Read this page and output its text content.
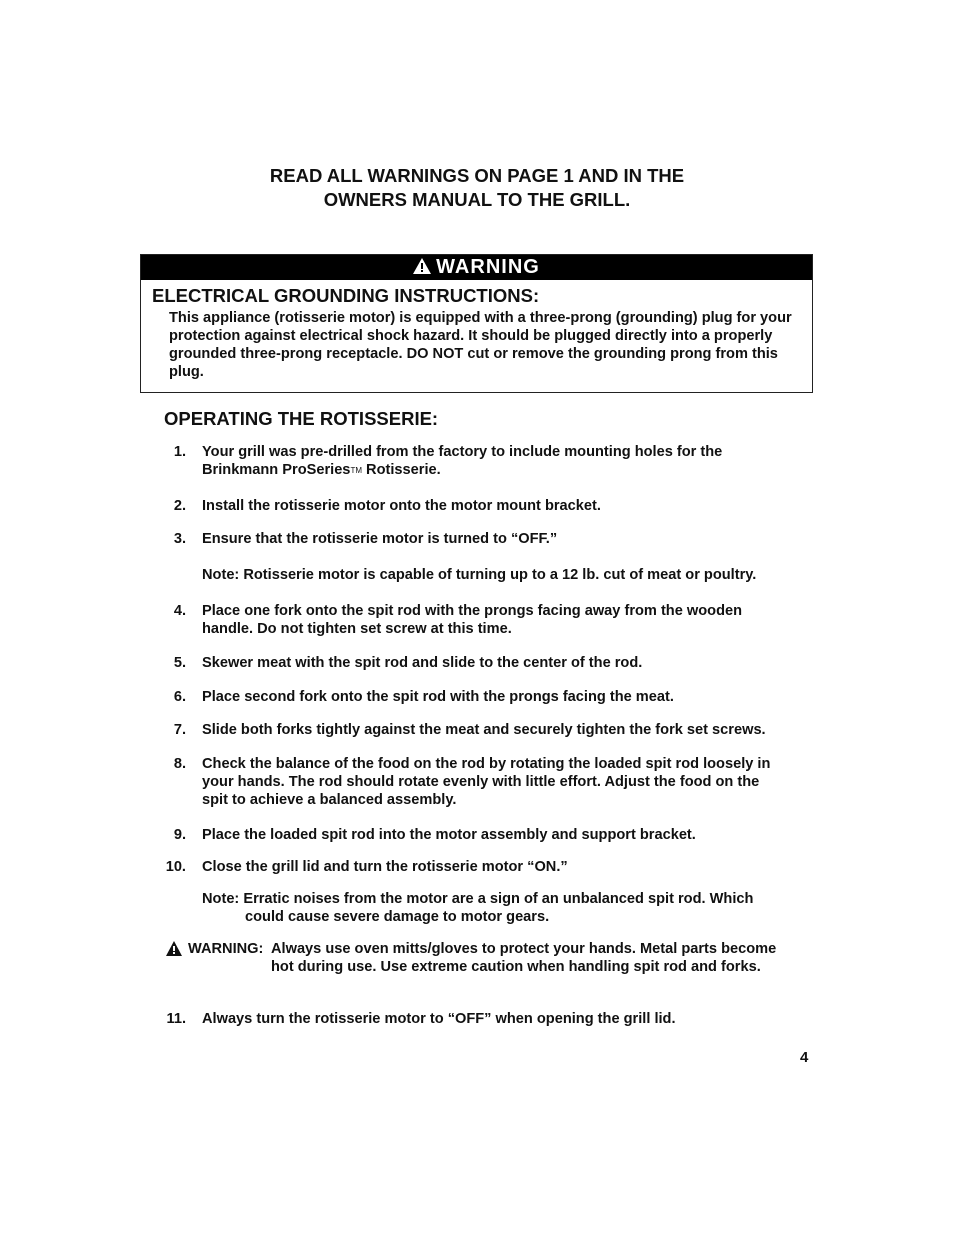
READ ALL WARNINGS ON PAGE 1 AND IN THE
OWNERS MANUAL TO THE GRILL.
WARNING
ELECTRICAL GROUNDING INSTRUCTIONS:
This appliance (rotisserie motor) is equipped with a three-prong (grounding) plug for your protection against electrical shock hazard. It should be plugged directly into a properly grounded three-prong receptacle. DO NOT cut or remove the grounding prong from this plug.
OPERATING THE ROTISSERIE:
1. Your grill was pre-drilled from the factory to include mounting holes for the
Brinkmann ProSeriesTM Rotisserie.
2. Install the rotisserie motor onto the motor mount bracket.
3. Ensure that the rotisserie motor is turned to “OFF.”
Note: Rotisserie motor is capable of turning up to a 12 lb. cut of meat or poultry.
4. Place one fork onto the spit rod with the prongs facing away from the wooden handle. Do not tighten set screw at this time.
5. Skewer meat with the spit rod and slide to the center of the rod.
6. Place second fork onto the spit rod with the prongs facing the meat.
7. Slide both forks tightly against the meat and securely tighten the fork set screws.
8. Check the balance of the food on the rod by rotating the loaded spit rod loosely in your hands. The rod should rotate evenly with little effort. Adjust the food on the spit to achieve a balanced assembly.
9. Place the loaded spit rod into the motor assembly and support bracket.
10. Close the grill lid and turn the rotisserie motor “ON.”
Note: Erratic noises from the motor are a sign of an unbalanced spit rod. Which
could cause severe damage to motor gears.
WARNING: Always use oven mitts/gloves to protect your hands. Metal parts become hot during use. Use extreme caution when handling spit rod and forks.
11. Always turn the rotisserie motor to “OFF” when opening the grill lid.
4
